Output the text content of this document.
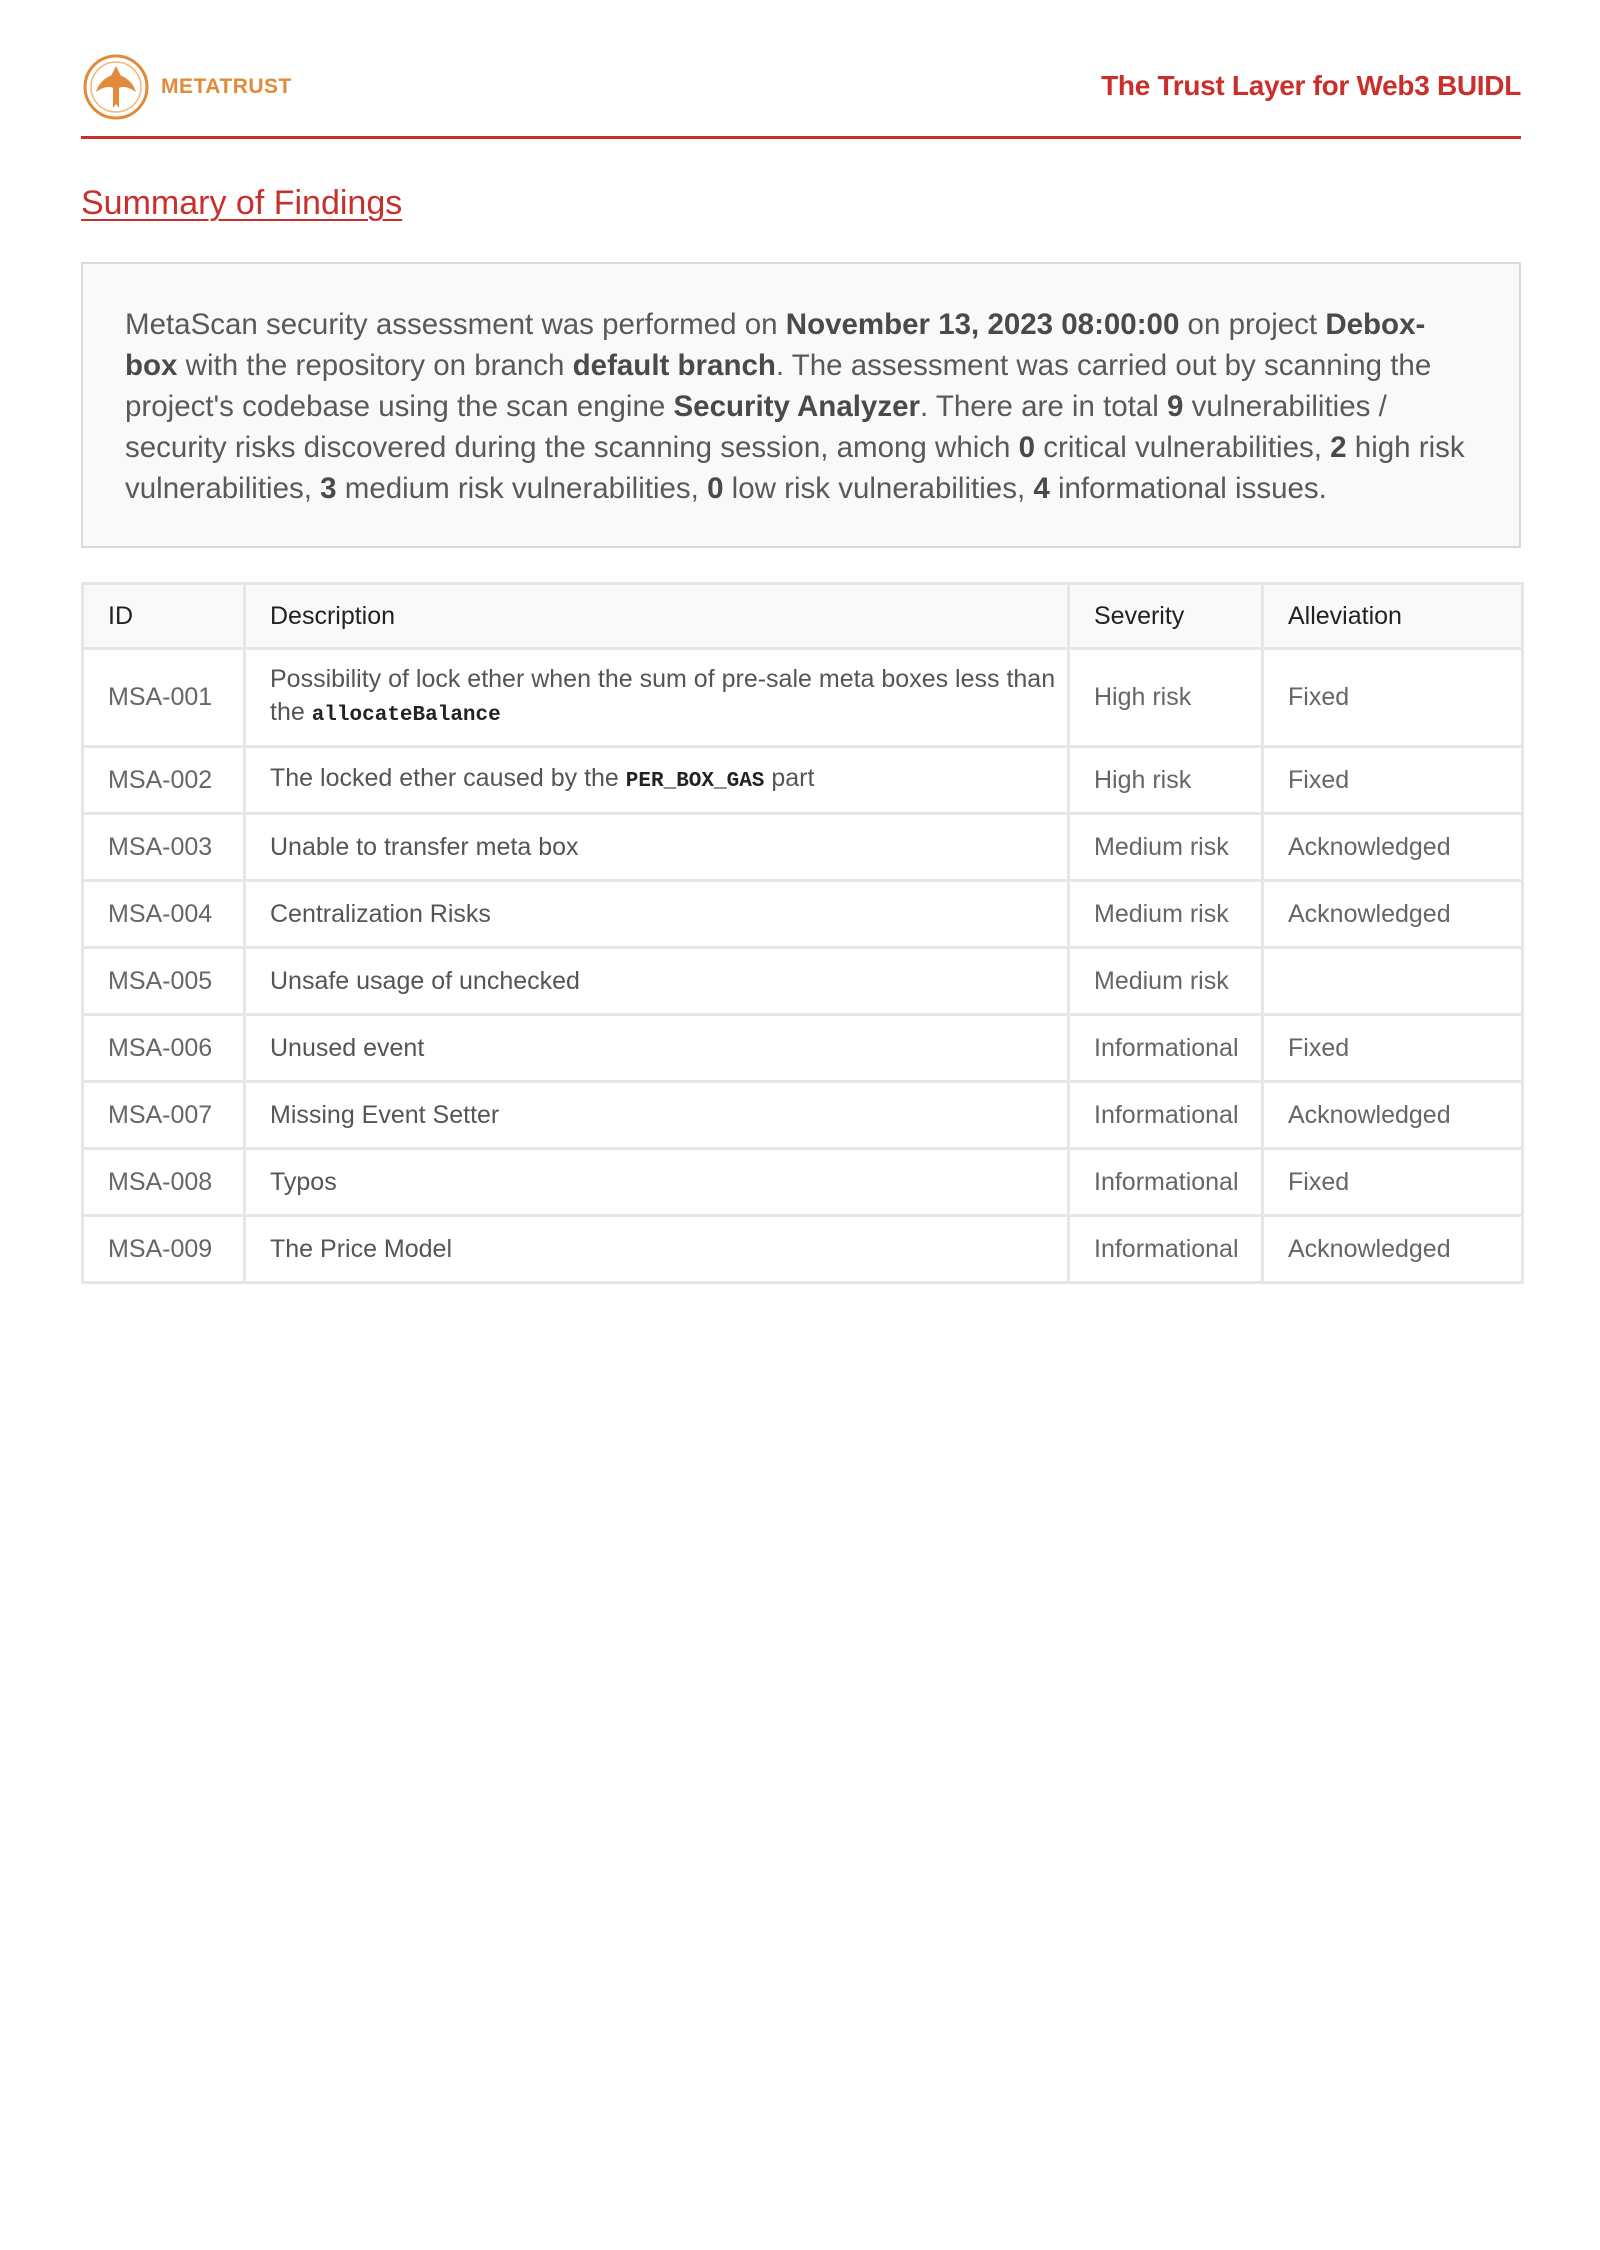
METATRUST	The Trust Layer for Web3 BUIDL
Summary of Findings
MetaScan security assessment was performed on November 13, 2023 08:00:00 on project Debox-box with the repository on branch default branch. The assessment was carried out by scanning the project's codebase using the scan engine Security Analyzer. There are in total 9 vulnerabilities / security risks discovered during the scanning session, among which 0 critical vulnerabilities, 2 high risk vulnerabilities, 3 medium risk vulnerabilities, 0 low risk vulnerabilities, 4 informational issues.
ID	Description	Severity	Alleviation
MSA-001	Possibility of lock ether when the sum of pre-sale meta boxes less than the allocateBalance	High risk	Fixed
MSA-002	The locked ether caused by the PER_BOX_GAS part	High risk	Fixed
MSA-003	Unable to transfer meta box	Medium risk	Acknowledged
MSA-004	Centralization Risks	Medium risk	Acknowledged
MSA-005	Unsafe usage of unchecked	Medium risk	
MSA-006	Unused event	Informational	Fixed
MSA-007	Missing Event Setter	Informational	Acknowledged
MSA-008	Typos	Informational	Fixed
MSA-009	The Price Model	Informational	Acknowledged
